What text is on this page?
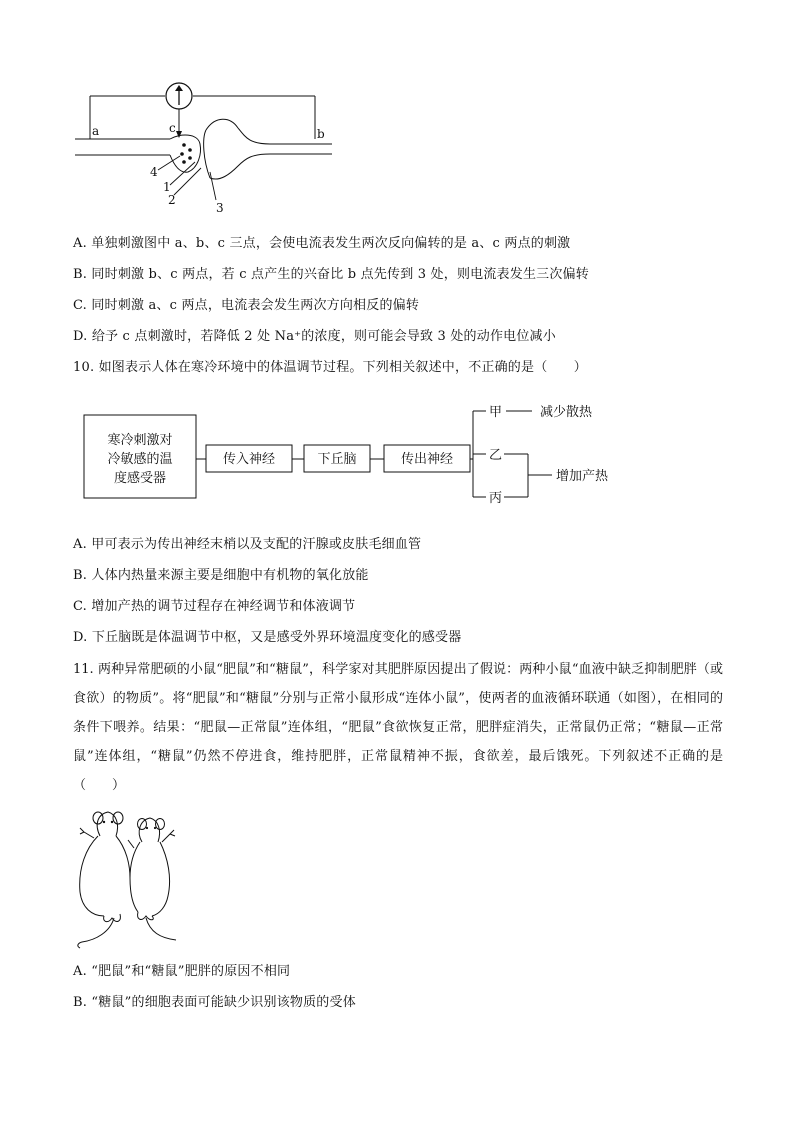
a	b
c
4
1
2
3
A. 单独刺激图中 a、b、c 三点，会使电流表发生两次反向偏转的是 a、c 两点的刺激
B. 同时刺激 b、c 两点，若 c 点产生的兴奋比 b 点先传到 3 处，则电流表发生三次偏转
C. 同时刺激 a、c 两点，电流表会发生两次方向相反的偏转
D. 给予 c 点刺激时，若降低 2 处 Na⁺的浓度，则可能会导致 3 处的动作电位减小
10. 如图表示人体在寒冷环境中的体温调节过程。下列相关叙述中，不正确的是（　　）
寒冷刺激对
冷敏感的温
度感受器
传入神经	下丘脑	传出神经
甲
乙
丙
减少散热
增加产热
A. 甲可表示为传出神经末梢以及支配的汗腺或皮肤毛细血管
B. 人体内热量来源主要是细胞中有机物的氧化放能
C. 增加产热的调节过程存在神经调节和体液调节
D. 下丘脑既是体温调节中枢，又是感受外界环境温度变化的感受器
11. 两种异常肥硕的小鼠“肥鼠”和“糖鼠”，科学家对其肥胖原因提出了假说：两种小鼠“血液中缺乏抑制肥胖（或食欲）的物质”。将“肥鼠”和“糖鼠”分别与正常小鼠形成“连体小鼠”，使两者的血液循环联通（如图），在相同的条件下喂养。结果：“肥鼠—正常鼠”连体组，“肥鼠”食欲恢复正常，肥胖症消失，正常鼠仍正常；“糖鼠—正常鼠”连体组，“糖鼠”仍然不停进食，维持肥胖，正常鼠精神不振，食欲差，最后饿死。下列叙述不正确的是（　　）
A. “肥鼠”和“糖鼠”肥胖的原因不相同
B. “糖鼠”的细胞表面可能缺少识别该物质的受体
